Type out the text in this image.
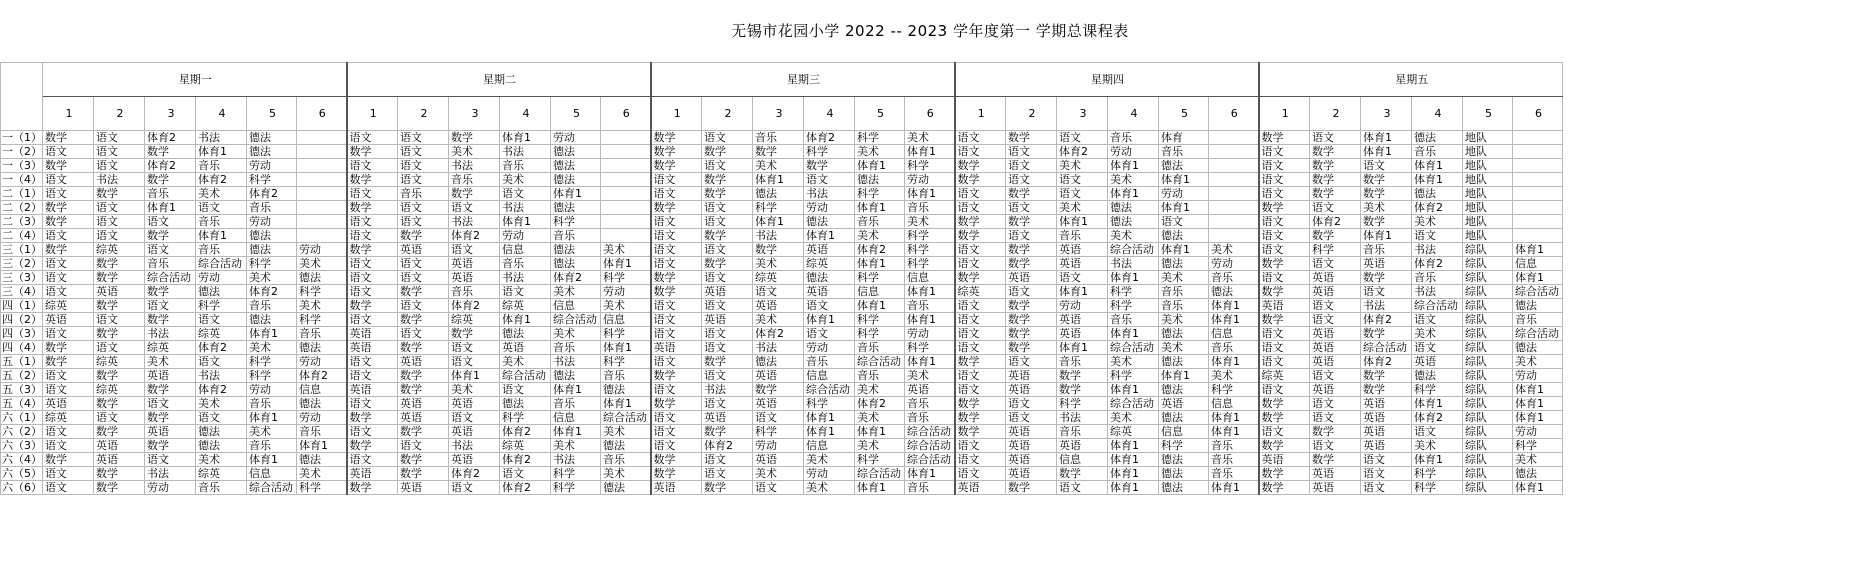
无锡市花园小学 2022 -- 2023 学年度第一 学期总课程表
	星期一						星期二						星期三						星期四						星期五					
	1	2	3	4	5	6	1	2	3	4	5	6	1	2	3	4	5	6	1	2	3	4	5	6	1	2	3	4	5	6
一（1）	数学	语文	体育2	书法	德法		语文	语文	数学	体育1	劳动		数学	语文	音乐	体育2	科学	美术	语文	数学	语文	音乐	体育		数学	语文	体育1	德法	地队	
一（2）	语文	语文	数学	体育1	德法		数学	语文	美术	书法	德法		数学	数学	数学	科学	美术	体育1	语文	语文	体育2	劳动	音乐		语文	数学	体育1	音乐	地队	
一（3）	数学	语文	体育2	音乐	劳动		语文	语文	书法	音乐	德法		数学	语文	美术	数学	体育1	科学	数学	语文	美术	体育1	德法		语文	数学	语文	体育1	地队	
一（4）	语文	书法	数学	体育2	科学		数学	语文	音乐	美术	德法		语文	数学	体育1	语文	德法	劳动	数学	语文	语文	美术	体育1		语文	数学	数学	体育1	地队	
二（1）	语文	数学	音乐	美术	体育2		语文	音乐	数学	语文	体育1		语文	数学	德法	书法	科学	体育1	语文	数学	语文	体育1	劳动		语文	数学	数学	德法	地队	
二（2）	数学	语文	体育1	语文	音乐		数学	语文	语文	书法	德法		数学	语文	科学	劳动	体育1	音乐	语文	语文	美术	德法	体育1		数学	语文	美术	体育2	地队	
二（3）	数学	语文	语文	音乐	劳动		语文	语文	书法	体育1	科学		语文	语文	体育1	德法	音乐	美术	数学	数学	体育1	德法	语文		语文	体育2	数学	美术	地队	
二（4）	语文	语文	数学	体育1	德法		语文	数学	体育2	劳动	音乐		语文	数学	书法	体育1	美术	科学	数学	语文	音乐	美术	德法		语文	数学	体育1	语文	地队	
三（1）	数学	综英	语文	音乐	德法	劳动	数学	英语	语文	信息	德法	美术	语文	语文	数学	英语	体育2	科学	语文	数学	英语	综合活动	体育1	美术	语文	科学	音乐	书法	综队	体育1
三（2）	语文	数学	音乐	综合活动	科学	美术	语文	语文	英语	音乐	德法	体育1	语文	数学	美术	综英	体育1	科学	语文	数学	英语	书法	德法	劳动	数学	语文	英语	体育2	综队	信息
三（3）	语文	数学	综合活动	劳动	美术	德法	语文	语文	英语	书法	体育2	科学	数学	语文	综英	德法	科学	信息	数学	英语	语文	体育1	美术	音乐	语文	英语	数学	音乐	综队	体育1
三（4）	语文	英语	数学	德法	体育2	科学	语文	数学	音乐	语文	美术	劳动	数学	英语	语文	英语	信息	体育1	综英	语文	体育1	科学	音乐	德法	数学	英语	语文	书法	综队	综合活动
四（1）	综英	数学	语文	科学	音乐	美术	数学	语文	体育2	综英	信息	美术	语文	语文	英语	语文	体育1	音乐	语文	数学	劳动	科学	音乐	体育1	英语	语文	书法	综合活动	综队	德法
四（2）	英语	语文	数学	语文	德法	科学	语文	数学	综英	体育1	综合活动	信息	语文	英语	美术	体育1	科学	体育1	语文	数学	英语	音乐	美术	体育1	数学	语文	体育2	语文	综队	音乐
四（3）	语文	数学	书法	综英	体育1	音乐	英语	语文	数学	德法	美术	科学	语文	语文	体育2	语文	科学	劳动	语文	数学	英语	体育1	德法	信息	语文	英语	数学	美术	综队	综合活动
四（4）	数学	语文	综英	体育2	美术	德法	英语	数学	语文	英语	音乐	体育1	英语	语文	书法	劳动	音乐	科学	语文	数学	体育1	综合活动	美术	音乐	语文	英语	综合活动	语文	综队	德法
五（1）	数学	综英	美术	语文	科学	劳动	语文	英语	语文	美术	书法	科学	语文	数学	德法	音乐	综合活动	体育1	数学	语文	音乐	美术	德法	体育1	语文	英语	体育2	英语	综队	美术
五（2）	语文	数学	英语	书法	科学	体育2	语文	数学	体育1	综合活动	德法	音乐	数学	语文	英语	信息	音乐	美术	语文	英语	数学	科学	体育1	美术	综英	语文	数学	德法	综队	劳动
五（3）	语文	综英	数学	体育2	劳动	信息	英语	数学	美术	语文	体育1	德法	语文	书法	数学	综合活动	美术	英语	语文	英语	数学	体育1	德法	科学	语文	英语	数学	科学	综队	体育1
五（4）	英语	数学	语文	美术	音乐	德法	语文	英语	英语	德法	音乐	体育1	数学	语文	英语	科学	体育2	音乐	数学	语文	科学	综合活动	英语	信息	数学	语文	英语	体育1	综队	体育1
六（1）	综英	语文	数学	语文	体育1	劳动	数学	英语	语文	科学	信息	综合活动	语文	英语	语文	体育1	美术	音乐	数学	语文	书法	美术	德法	体育1	数学	语文	英语	体育2	综队	体育1
六（2）	语文	数学	英语	德法	美术	音乐	语文	数学	英语	体育2	体育1	美术	语文	数学	科学	体育1	体育1	综合活动	数学	英语	音乐	综英	信息	体育1	语文	数学	英语	语文	综队	劳动
六（3）	语文	英语	数学	德法	音乐	体育1	数学	语文	书法	综英	美术	德法	语文	体育2	劳动	信息	美术	综合活动	语文	英语	英语	体育1	科学	音乐	数学	语文	英语	美术	综队	科学
六（4）	数学	英语	语文	美术	体育1	德法	语文	数学	英语	体育2	书法	音乐	数学	语文	英语	美术	科学	综合活动	语文	英语	信息	体育1	德法	音乐	英语	数学	语文	体育1	综队	美术
六（5）	语文	数学	书法	综英	信息	美术	英语	数学	体育2	语文	科学	美术	数学	语文	美术	劳动	综合活动	体育1	语文	英语	数学	体育1	德法	音乐	数学	英语	语文	科学	综队	德法
六（6）	语文	数学	劳动	音乐	综合活动	科学	数学	英语	语文	体育2	科学	德法	英语	数学	语文	美术	体育1	音乐	英语	数学	语文	体育1	德法	体育1	数学	英语	语文	科学	综队	体育1
